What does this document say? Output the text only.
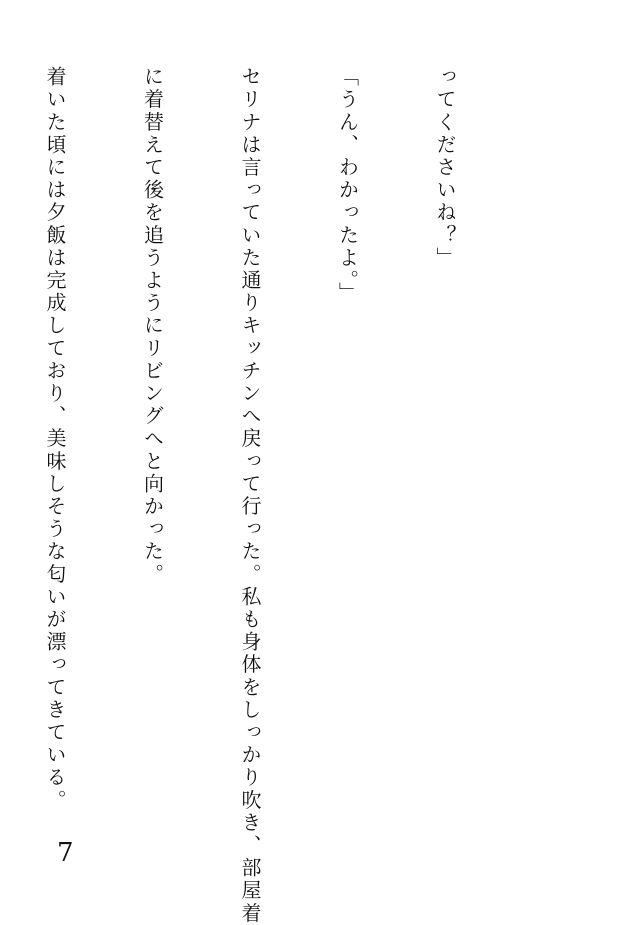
ってくださいね？」

「うん、わかったよ。」

セリナは言っていた通りキッチンへ戻って行った。私も身体をしっかり吹き、部屋着

に着替えて後を追うようにリビングへと向かった。

着いた頃には夕飯は完成しており、美味しそうな匂いが漂ってきている。

7
